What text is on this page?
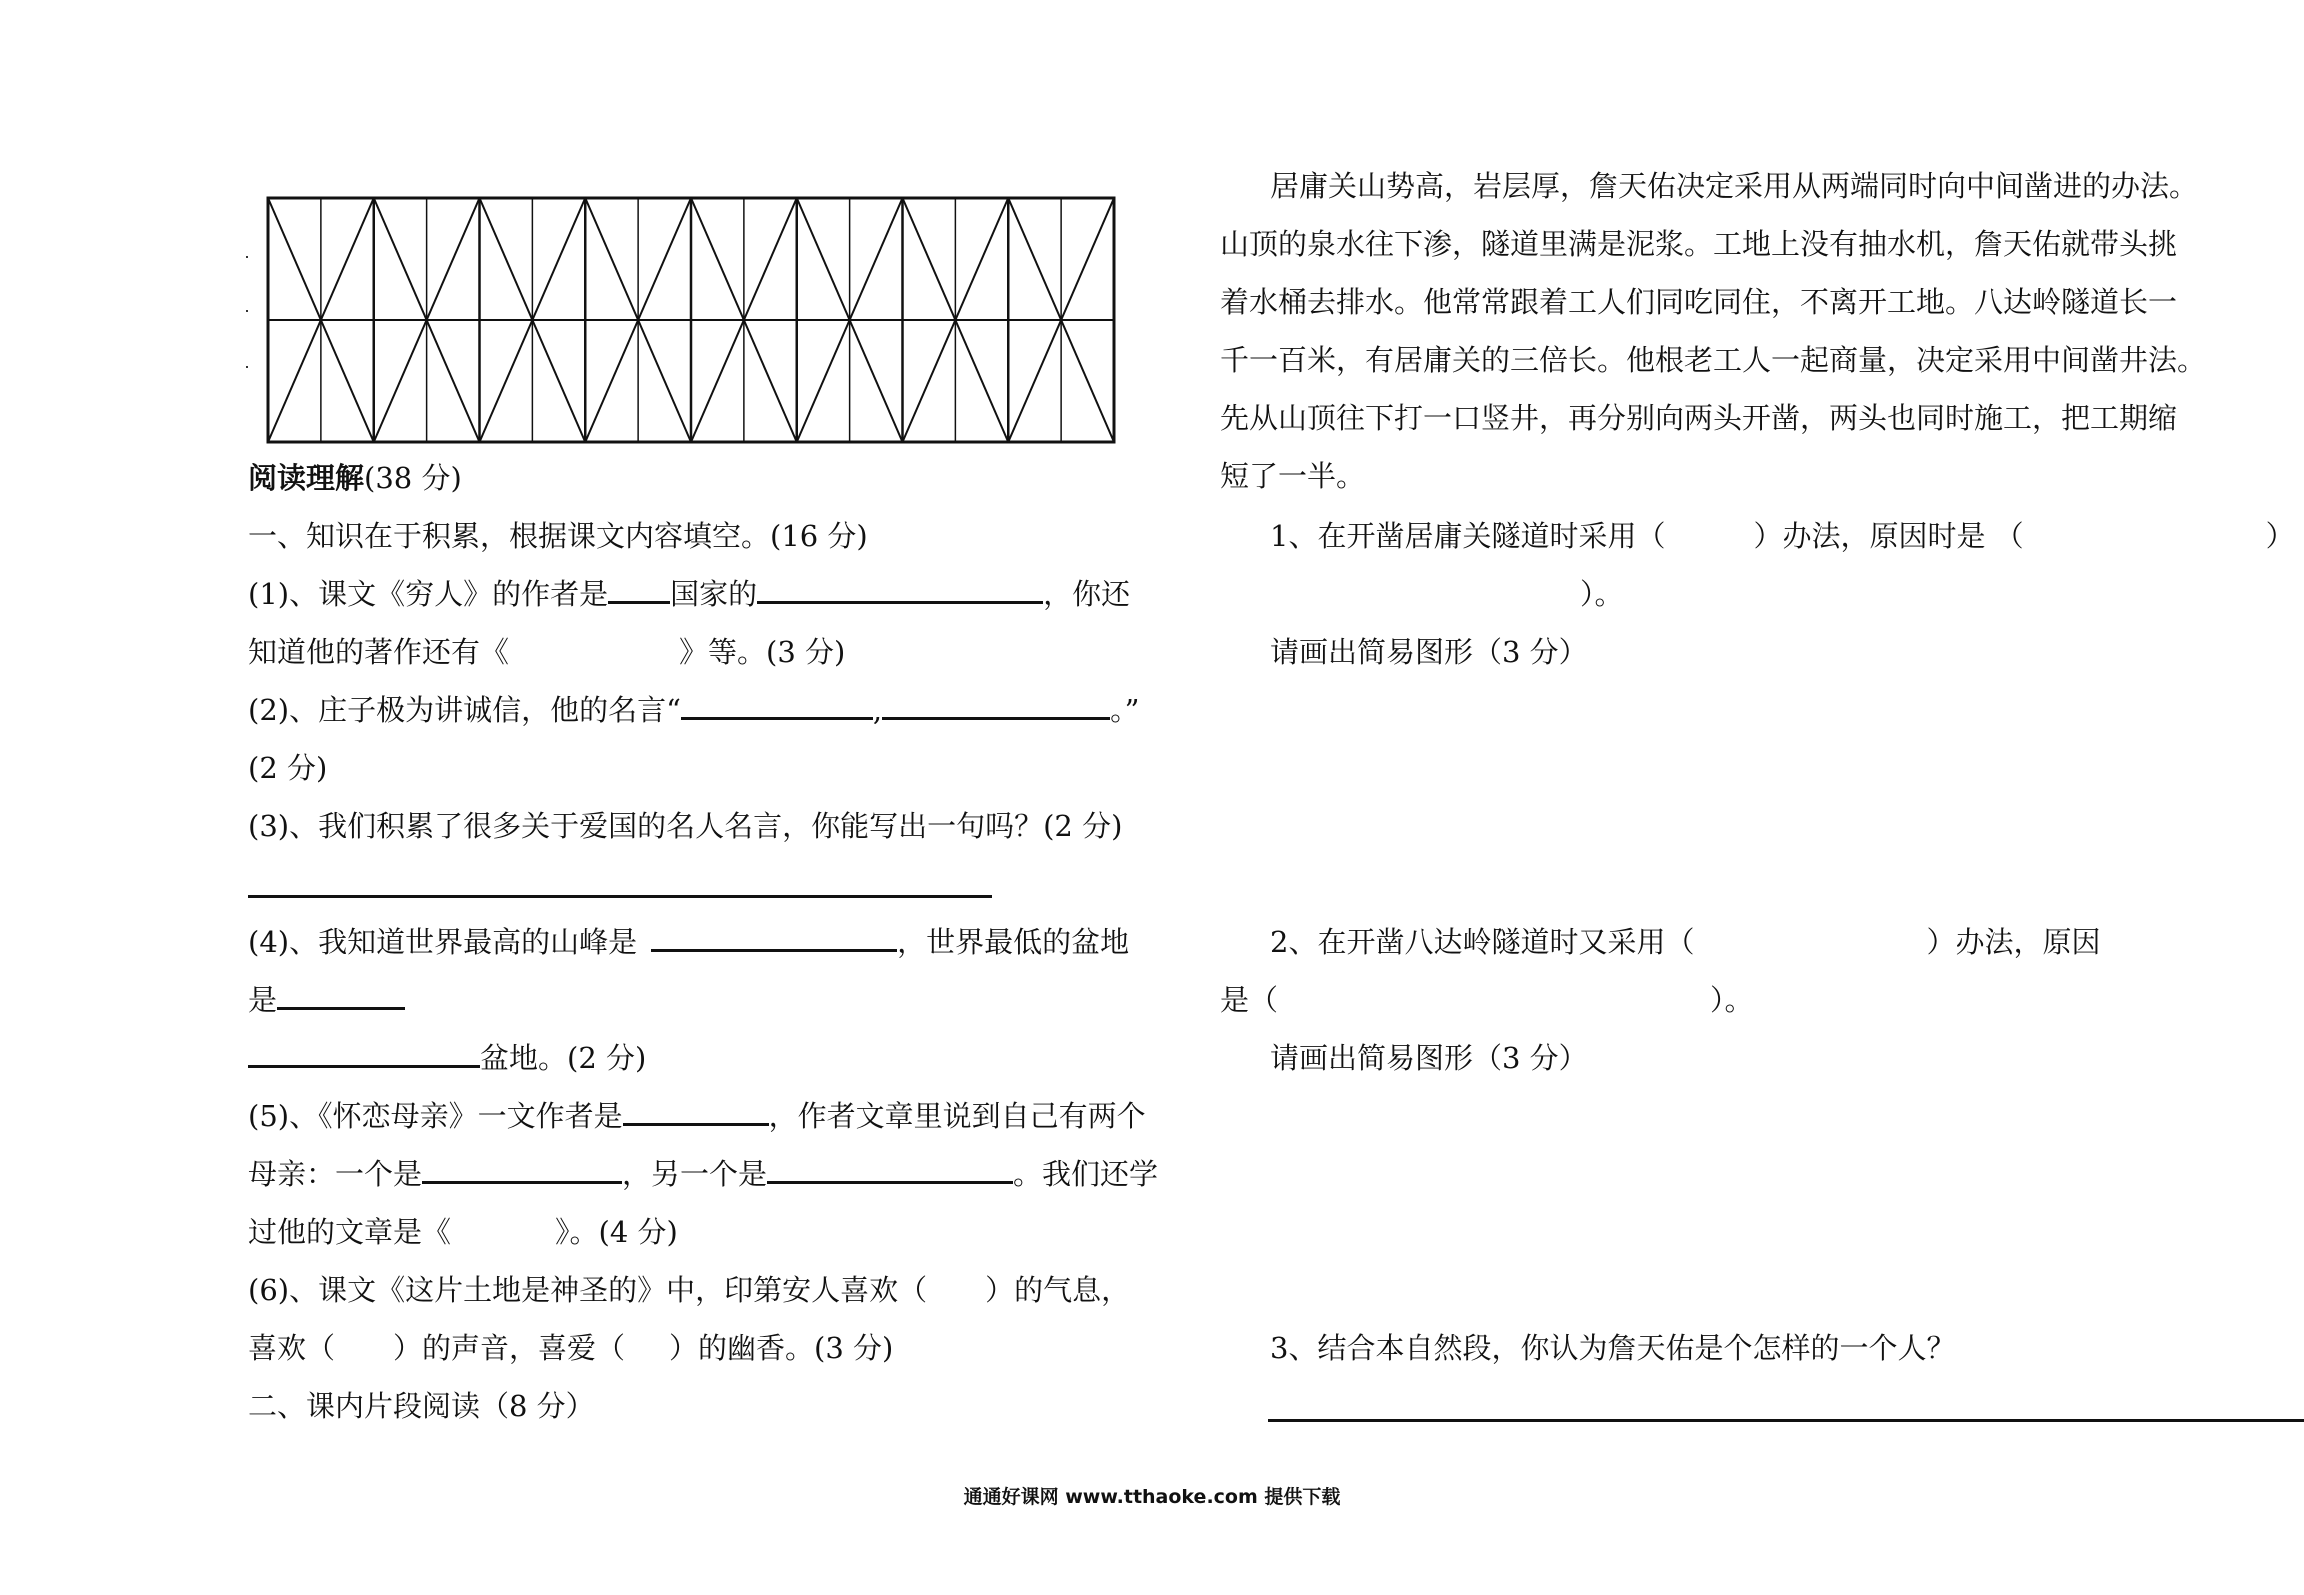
阅读理解(38 分)
一、知识在于积累，根据课文内容填空。(16 分)
(1)、课文《穷人》的作者是 国家的	，你还
知道他的著作还有《	》等。(3 分)
(2)、庄子极为讲诚信，他的名言“	,	。”
(2 分)
(3)、我们积累了很多关于爱国的名人名言，你能写出一句吗？(2 分)
(4)、我知道世界最高的山峰是	，世界最低的盆地
是
盆地。(2 分)
(5)、《怀恋母亲》一文作者是	，作者文章里说到自己有两个
母亲：一个是	，另一个是	。我们还学
过他的文章是《	》。(4 分)
(6)、课文《这片土地是神圣的》中，印第安人喜欢（ ）的气息，
喜欢（ ）的声音，喜爱（ ）的幽香。(3 分)
二、课内片段阅读（8 分）
居庸关山势高，岩层厚，詹天佑决定采用从两端同时向中间凿进的办法。
山顶的泉水往下渗，隧道里满是泥浆。工地上没有抽水机，詹天佑就带头挑
着水桶去排水。他常常跟着工人们同吃同住，不离开工地。八达岭隧道长一
千一百米，有居庸关的三倍长。他根老工人一起商量，决定采用中间凿井法。
先从山顶往下打一口竖井，再分别向两头开凿，两头也同时施工，把工期缩
短了一半。
1、在开凿居庸关隧道时采用（	）办法，原因时是 （	）
）。
请画出简易图形（3 分）
2、在开凿八达岭隧道时又采用（	）办法，原因
是（	）。
请画出简易图形（3 分）
3、结合本自然段，你认为詹天佑是个怎样的一个人？
通通好课网 www.tthaoke.com 提供下载
